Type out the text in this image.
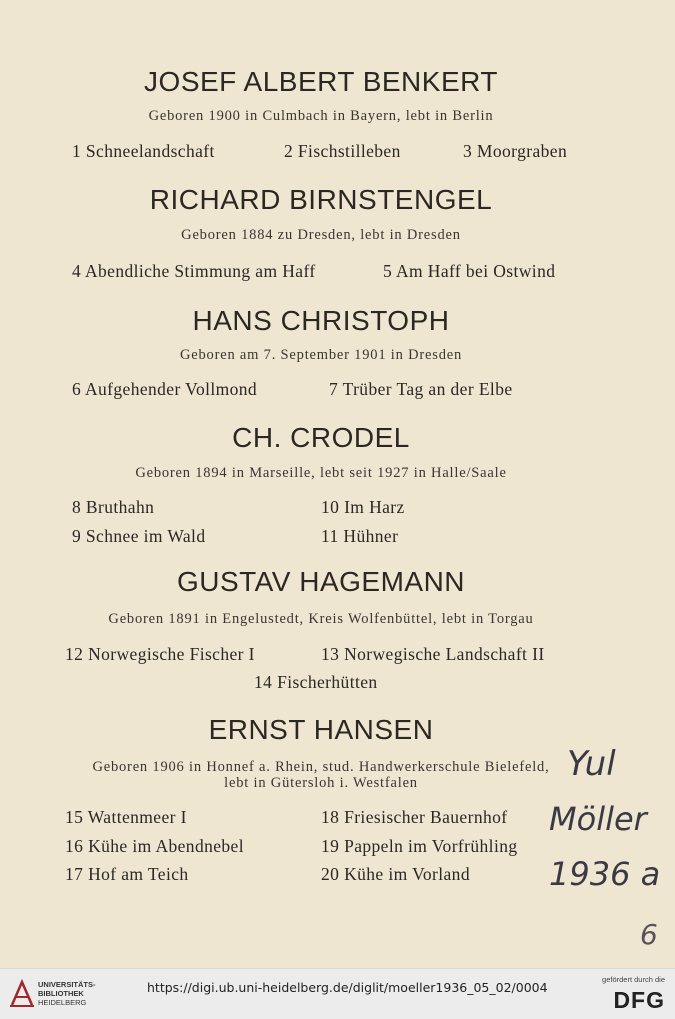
JOSEF ALBERT BENKERT
Geboren 1900 in Culmbach in Bayern, lebt in Berlin
1 Schneelandschaft	2 Fischstilleben	3 Moorgraben
RICHARD BIRNSTENGEL
Geboren 1884 zu Dresden, lebt in Dresden
4 Abendliche Stimmung am Haff	5 Am Haff bei Ostwind
HANS CHRISTOPH
Geboren am 7. September 1901 in Dresden
6 Aufgehender Vollmond	7 Trüber Tag an der Elbe
CH. CRODEL
Geboren 1894 in Marseille, lebt seit 1927 in Halle/Saale
8 Bruthahn	10 Im Harz
9 Schnee im Wald	11 Hühner
GUSTAV HAGEMANN
Geboren 1891 in Engelustedt, Kreis Wolfenbüttel, lebt in Torgau
12 Norwegische Fischer I	13 Norwegische Landschaft II
14 Fischerhütten
ERNST HANSEN
Geboren 1906 in Honnef a. Rhein, stud. Handwerkerschule Bielefeld,
lebt in Gütersloh i. Westfalen
15 Wattenmeer I	18 Friesischer Bauernhof
16 Kühe im Abendnebel	19 Pappeln im Vorfrühling
17 Hof am Teich	20 Kühe im Vorland
Yul
Möller
1936 a
6
UNIVERSITÄTS-
BIBLIOTHEK
HEIDELBERG
https://digi.ub.uni-heidelberg.de/diglit/moeller1936_05_02/0004
gefördert durch die
DFG
